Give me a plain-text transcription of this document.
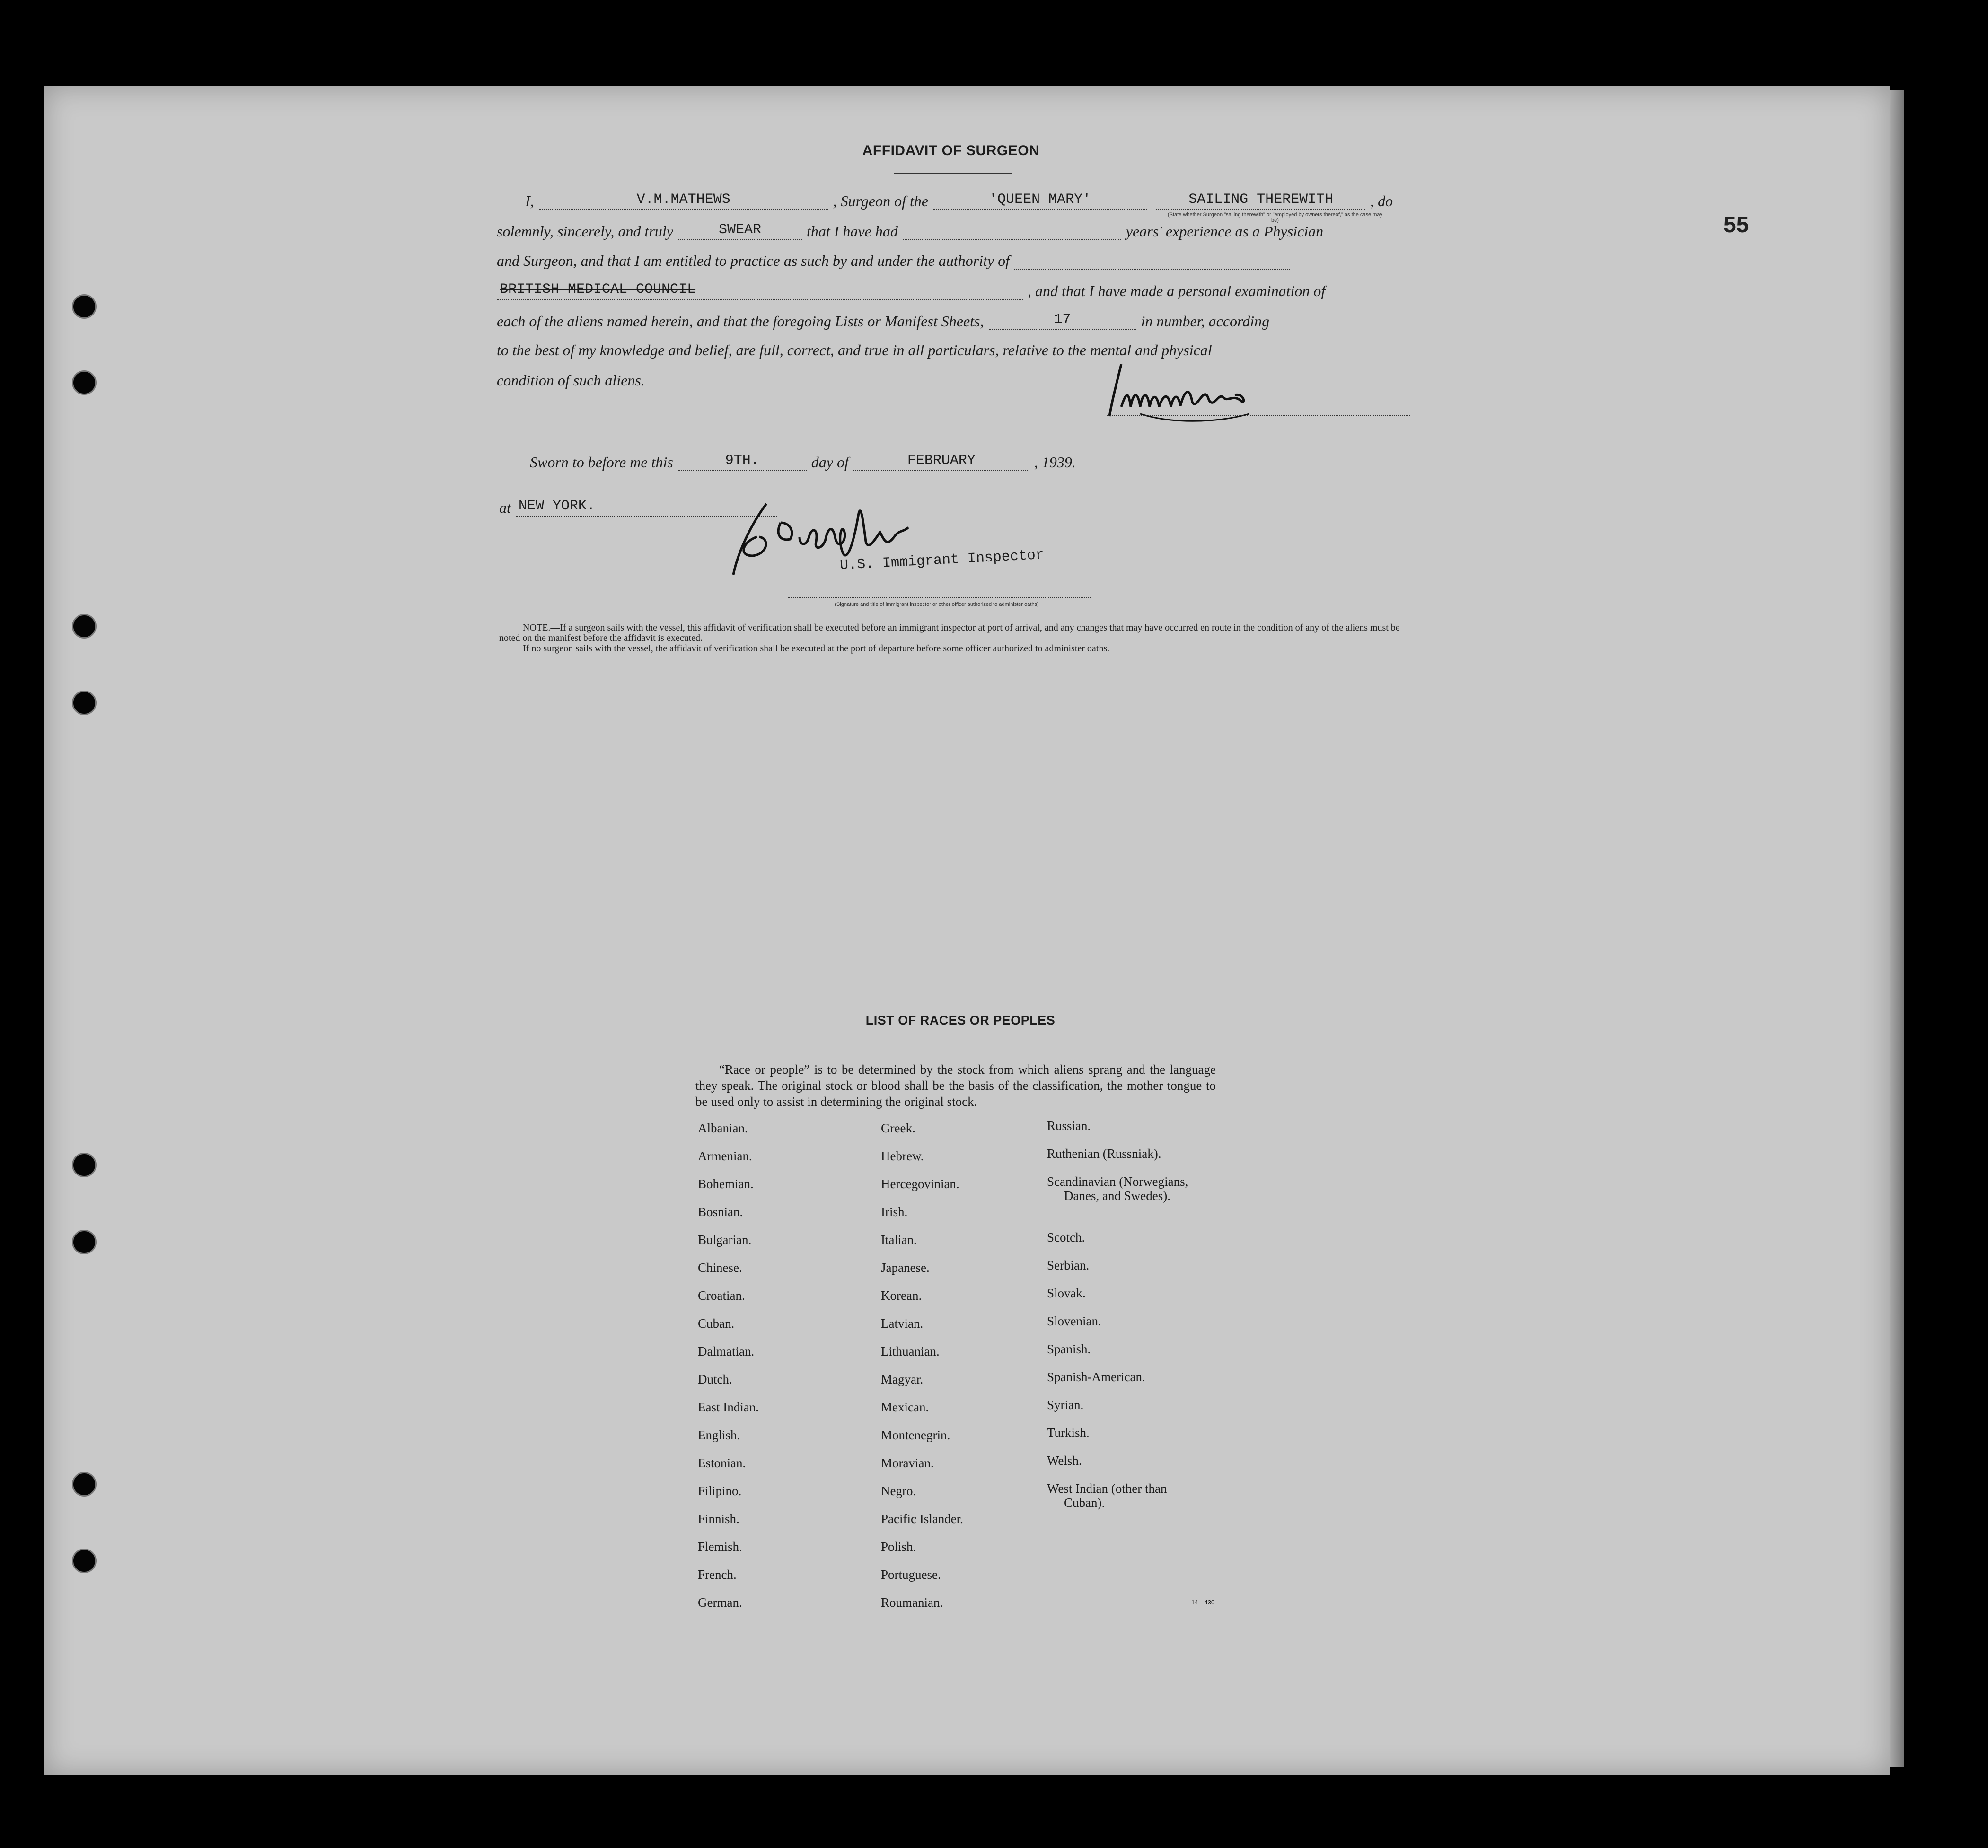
55
AFFIDAVIT OF SURGEON
I,	V.M.MATHEWS	, Surgeon of the	'QUEEN MARY'	SAILING THEREWITH	, do
(State whether Surgeon "sailing therewith" or "employed by owners thereof," as the case may be)
solemnly, sincerely, and truly	SWEAR	that I have had	years' experience as a Physician
and Surgeon, and that I am entitled to practice as such by and under the authority of
BRITISH MEDICAL COUNCIL	, and that I have made a personal examination of
each of the aliens named herein, and that the foregoing Lists or Manifest Sheets,	17	in number, according
to the best of my knowledge and belief, are full, correct, and true in all particulars, relative to the mental and physical
condition of such aliens.
Sworn to before me this	9TH.	day of	FEBRUARY	, 1939.
at NEW YORK.
U.S. Immigrant Inspector
(Signature and title of immigrant inspector or other officer authorized to administer oaths)
NOTE.—If a surgeon sails with the vessel, this affidavit of verification shall be executed before an immigrant inspector at port of arrival, and any changes that may have occurred en route in the condition of any of the aliens must be noted on the manifest before the affidavit is executed.
If no surgeon sails with the vessel, the affidavit of verification shall be executed at the port of departure before some officer authorized to administer oaths.
LIST OF RACES OR PEOPLES
“Race or people” is to be determined by the stock from which aliens sprang and the language they speak. The original stock or blood shall be the basis of the classification, the mother tongue to be used only to assist in determining the original stock.
Albanian.
Armenian.
Bohemian.
Bosnian.
Bulgarian.
Chinese.
Croatian.
Cuban.
Dalmatian.
Dutch.
East Indian.
English.
Estonian.
Filipino.
Finnish.
Flemish.
French.
German.
Greek.
Hebrew.
Hercegovinian.
Irish.
Italian.
Japanese.
Korean.
Latvian.
Lithuanian.
Magyar.
Mexican.
Montenegrin.
Moravian.
Negro.
Pacific Islander.
Polish.
Portuguese.
Roumanian.
Russian.
Ruthenian (Russniak).
Scandinavian (Norwegians,
Danes, and Swedes).
Scotch.
Serbian.
Slovak.
Slovenian.
Spanish.
Spanish-American.
Syrian.
Turkish.
Welsh.
West Indian (other than
Cuban).
14—430
